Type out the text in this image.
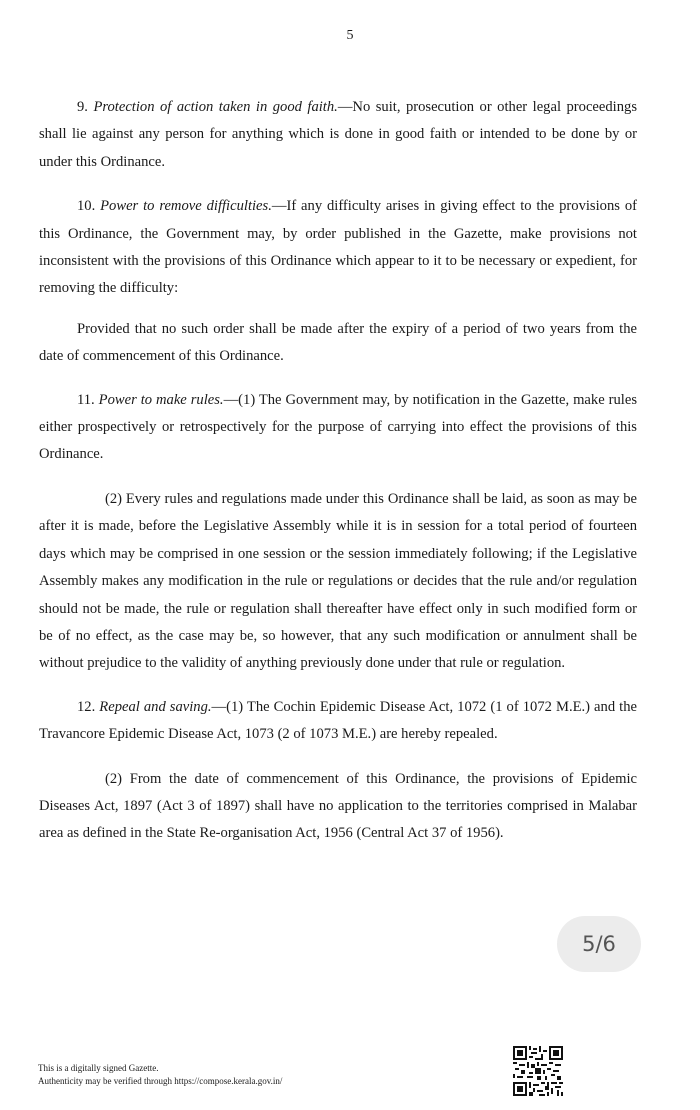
5

9. Protection of action taken in good faith.—No suit, prosecution or other legal proceedings shall lie against any person for anything which is done in good faith or intended to be done by or under this Ordinance.

10. Power to remove difficulties.—If any difficulty arises in giving effect to the provisions of this Ordinance, the Government may, by order published in the Gazette, make provisions not inconsistent with the provisions of this Ordinance which appear to it to be necessary or expedient, for removing the difficulty:

Provided that no such order shall be made after the expiry of a period of two years from the date of commencement of this Ordinance.

11. Power to make rules.—(1) The Government may, by notification in the Gazette, make rules either prospectively or retrospectively for the purpose of carrying into effect the provisions of this Ordinance.

(2) Every rules and regulations made under this Ordinance shall be laid, as soon as may be after it is made, before the Legislative Assembly while it is in session for a total period of fourteen days which may be comprised in one session or the session immediately following; if the Legislative Assembly makes any modification in the rule or regulations or decides that the rule and/or regulation should not be made, the rule or regulation shall thereafter have effect only in such modified form or be of no effect, as the case may be, so however, that any such modification or annulment shall be without prejudice to the validity of anything previously done under that rule or regulation.

12. Repeal and saving.—(1) The Cochin Epidemic Disease Act, 1072 (1 of 1072 M.E.) and the Travancore Epidemic Disease Act, 1073 (2 of 1073 M.E.) are hereby repealed.

(2) From the date of commencement of this Ordinance, the provisions of Epidemic Diseases Act, 1897 (Act 3 of 1897) shall have no application to the territories comprised in Malabar area as defined in the State Re-organisation Act, 1956 (Central Act 37 of 1956).

5/6
This is a digitally signed Gazette.
Authenticity may be verified through https://compose.kerala.gov.in/
